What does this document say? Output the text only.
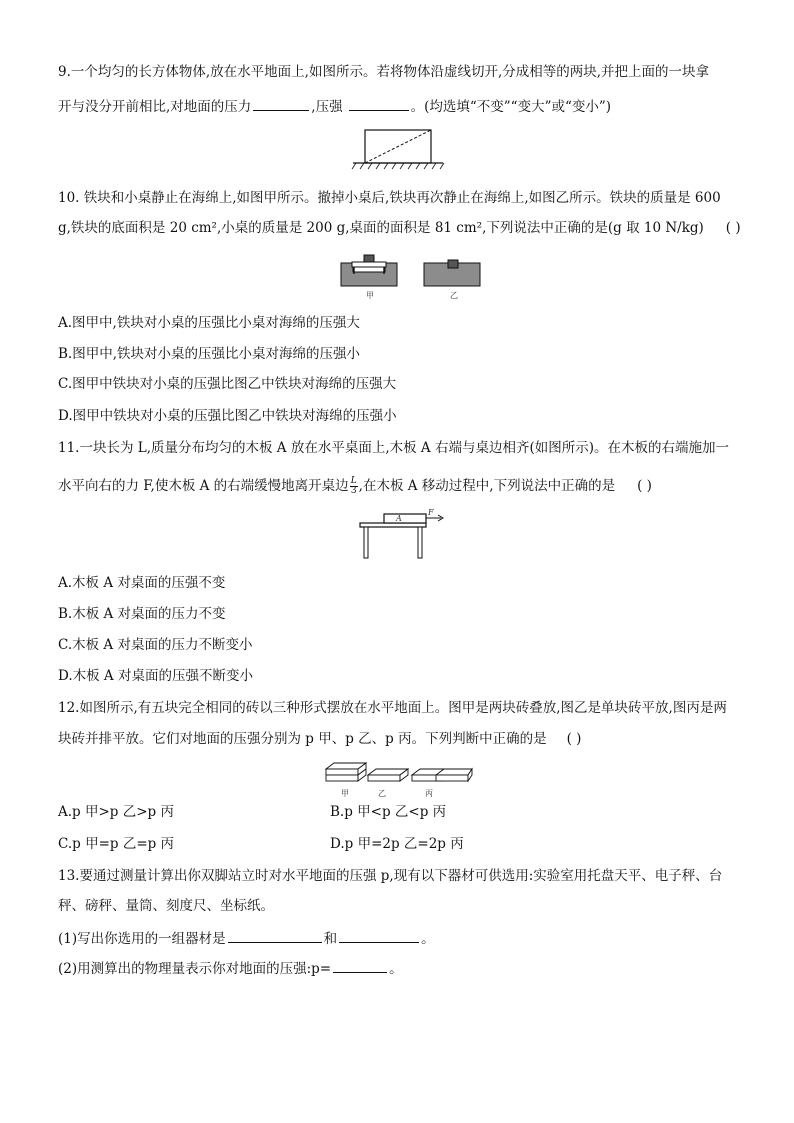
9.一个均匀的长方体物体,放在水平地面上,如图所示。若将物体沿虚线切开,分成相等的两块,并把上面的一块拿
开与没分开前相比,对地面的压力	,压强	。(均选填“不变”“变大”或“变小”)
10. 铁块和小桌静止在海绵上,如图甲所示。撤掉小桌后,铁块再次静止在海绵上,如图乙所示。铁块的质量是 600
g,铁块的底面积是 20 cm²,小桌的质量是 200 g,桌面的面积是 81 cm²,下列说法中正确的是(g 取 10 N/kg) ( )
甲	乙
A.图甲中,铁块对小桌的压强比小桌对海绵的压强大
B.图甲中,铁块对小桌的压强比小桌对海绵的压强小
C.图甲中铁块对小桌的压强比图乙中铁块对海绵的压强大
D.图甲中铁块对小桌的压强比图乙中铁块对海绵的压强小
11.一块长为 L,质量分布均匀的木板 A 放在水平桌面上,木板 A 右端与桌边相齐(如图所示)。在木板的右端施加一
水平向右的力 F,使木板 A 的右端缓慢地离开桌边 $\frac{L}{3}$ ,在木板 A 移动过程中,下列说法中正确的是 ( )
A
F
A.木板 A 对桌面的压强不变
B.木板 A 对桌面的压力不变
C.木板 A 对桌面的压力不断变小
D.木板 A 对桌面的压强不断变小
12.如图所示,有五块完全相同的砖以三种形式摆放在水平地面上。图甲是两块砖叠放,图乙是单块砖平放,图丙是两
块砖并排平放。它们对地面的压强分别为 p 甲、p 乙、p 丙。下列判断中正确的是 ( )
甲	乙	丙
A.p 甲>p 乙>p 丙	B.p 甲<p 乙<p 丙
C.p 甲=p 乙=p 丙	D.p 甲=2p 乙=2p 丙
13.要通过测量计算出你双脚站立时对水平地面的压强 p,现有以下器材可供选用:实验室用托盘天平、电子秤、台
秤、磅秤、量筒、刻度尺、坐标纸。
(1)写出你选用的一组器材是	和	。
(2)用测算出的物理量表示你对地面的压强:p=	。
